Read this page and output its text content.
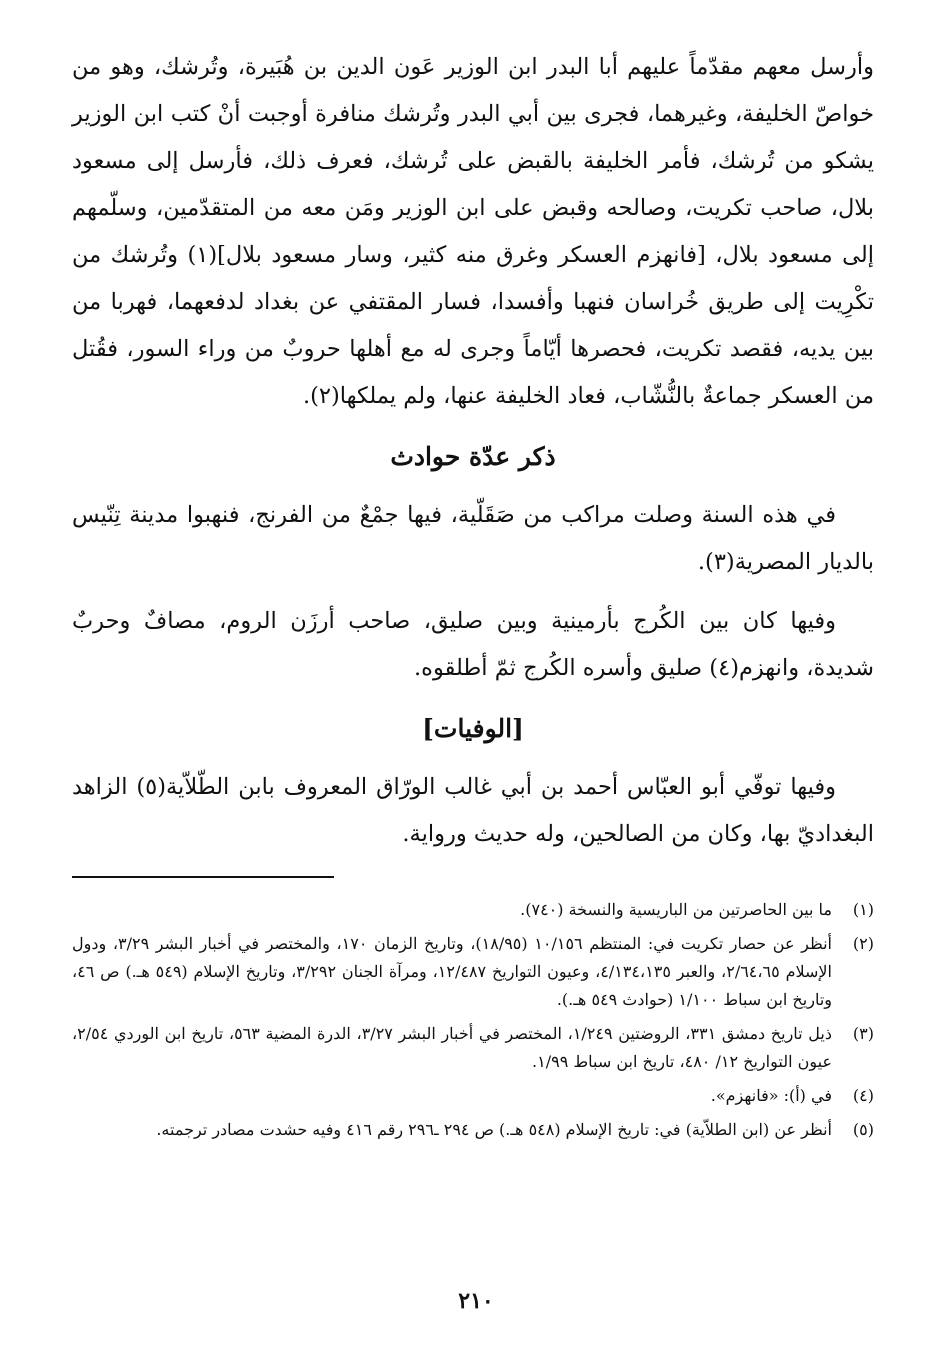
وأرسل معهم مقدّماً عليهم أبا البدر ابن الوزير عَون الدين بن هُبَيرة، وتُرشك، وهو من خواصّ الخليفة، وغيرهما، فجرى بين أبي البدر وتُرشك منافرة أوجبت أنْ كتب ابن الوزير يشكو من تُرشك، فأمر الخليفة بالقبض على تُرشك، فعرف ذلك، فأرسل إلى مسعود بلال، صاحب تكريت، وصالحه وقبض على ابن الوزير ومَن معه من المتقدّمين، وسلّمهم إلى مسعود بلال، [فانهزم العسكر وغرق منه كثير، وسار مسعود بلال](١) وتُرشك من تكْرِيت إلى طريق خُراسان فنهبا وأفسدا، فسار المقتفي عن بغداد لدفعهما، فهربا من بين يديه، فقصد تكريت، فحصرها أيّاماً وجرى له مع أهلها حروبٌ من وراء السور، فقُتل من العسكر جماعةٌ بالنُّشّاب، فعاد الخليفة عنها، ولم يملكها(٢).

ذكر عدّة حوادث

في هذه السنة وصلت مراكب من صَقَلّية، فيها جمْعٌ من الفرنج، فنهبوا مدينة تِنّيس بالديار المصرية(٣).

وفيها كان بين الكُرج بأرمينية وبين صليق، صاحب أرزَن الروم، مصافٌ وحربٌ شديدة، وانهزم(٤) صليق وأسره الكُرج ثمّ أطلقوه.

[الوفيات]

وفيها توفّي أبو العبّاس أحمد بن أبي غالب الورّاق المعروف بابن الطّلاّية(٥) الزاهد البغداديّ بها، وكان من الصالحين، وله حديث ورواية.

(١)
ما بين الحاصرتين من الباريسية والنسخة (٧٤٠).
(٢)
أنظر عن حصار تكريت في: المنتظم ١٠/١٥٦ (١٨/٩٥)، وتاريخ الزمان ١٧٠، والمختصر في أخبار البشر ٣/٢٩، ودول الإسلام ٢/٦٤،٦٥، والعبر ٤/١٣٤،١٣٥، وعيون التواريخ ١٢/٤٨٧، ومرآة الجنان ٣/٢٩٢، وتاريخ الإسلام (٥٤٩ هـ.) ص ٤٦، وتاريخ ابن سباط ١/١٠٠ (حوادث ٥٤٩ هـ.).
(٣)
ذيل تاريخ دمشق ٣٣١، الروضتين ١/٢٤٩، المختصر في أخبار البشر ٣/٢٧، الدرة المضية ٥٦٣، تاريخ ابن الوردي ٢/٥٤، عيون التواريخ ١٢/ ٤٨٠، تاريخ ابن سباط ١/٩٩.
(٤)
في (أ): «فانهزم».
(٥)
أنظر عن (ابن الطلاّية) في: تاريخ الإسلام (٥٤٨ هـ.) ص ٢٩٤ ـ٢٩٦ رقم ٤١٦ وفيه حشدت مصادر ترجمته.
٢١٠
